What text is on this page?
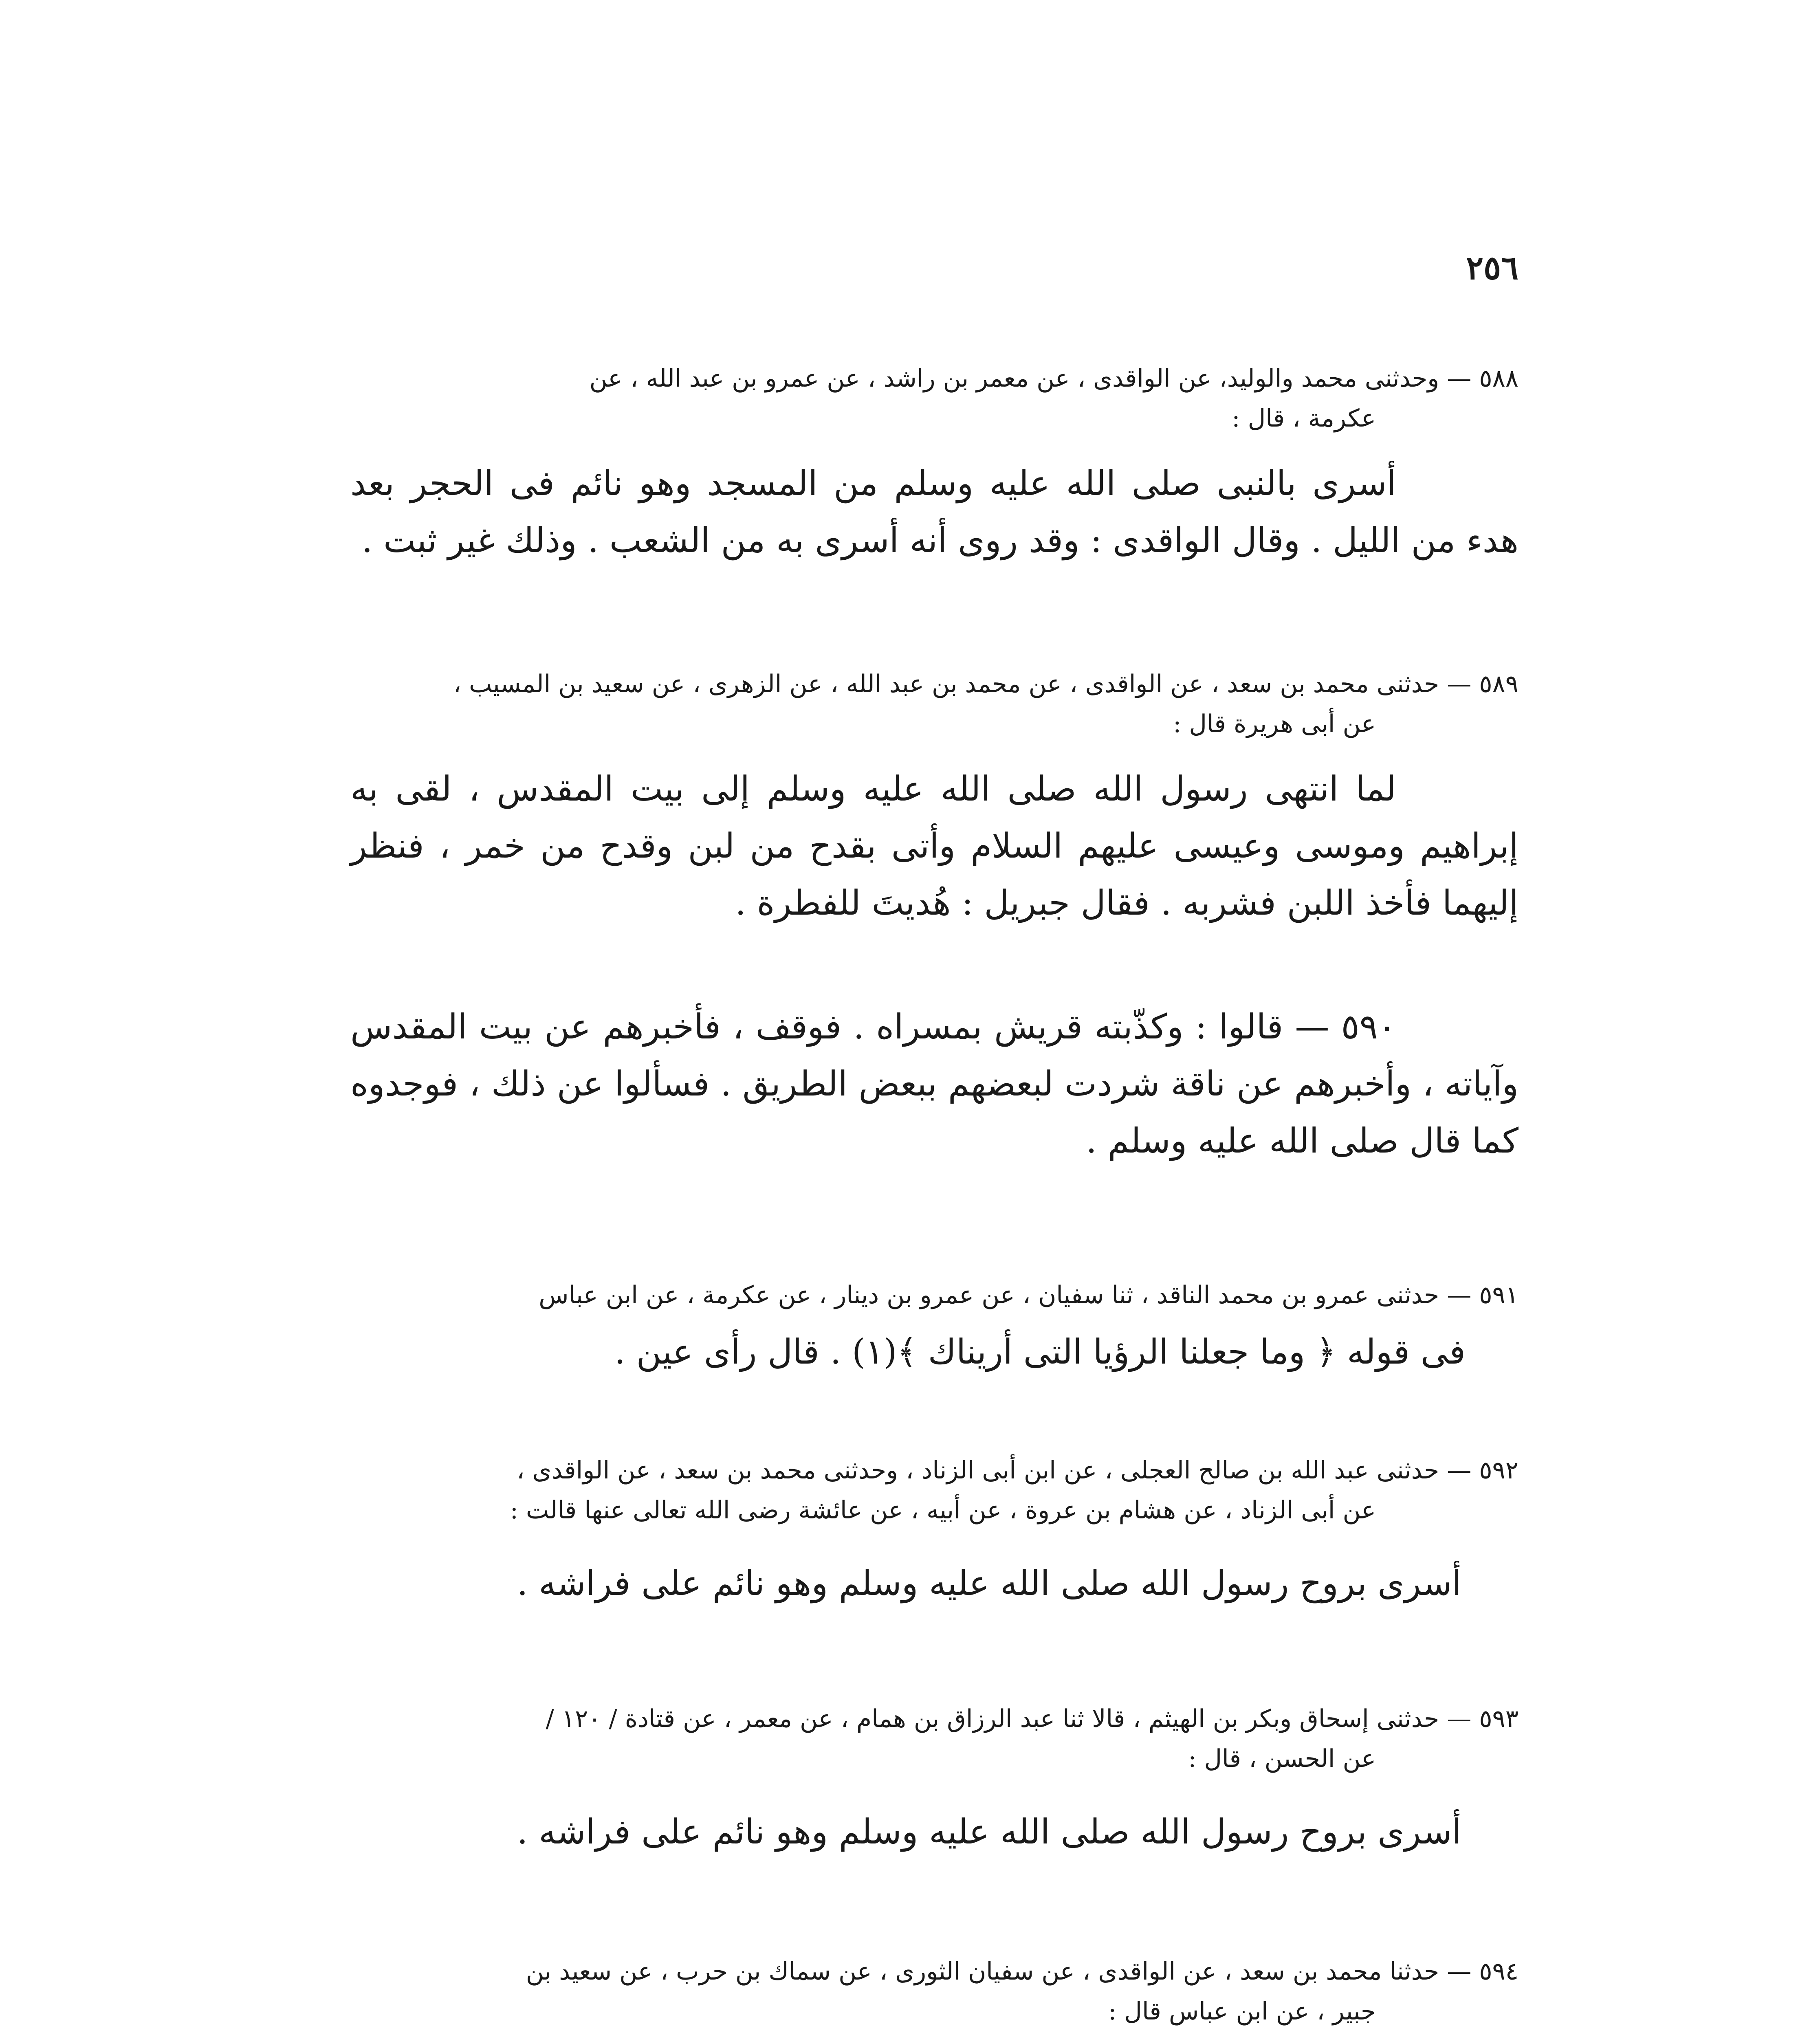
٢٥٦

٥٨٨ — وحدثنى محمد والوليد، عن الواقدى ، عن معمر بن راشد ، عن عمرو بن عبد الله ، عن
عكرمة ، قال :

أسرى بالنبى صلى الله عليه وسلم من المسجد وهو نائم فى الحجر بعد هدء من الليل . وقال الواقدى : وقد روى أنه أسرى به من الشعب . وذلك غير ثبت .

٥٨٩ — حدثنى محمد بن سعد ، عن الواقدى ، عن محمد بن عبد الله ، عن الزهرى ، عن سعيد بن المسيب ،
عن أبى هريرة قال :

لما انتهى رسول الله صلى الله عليه وسلم إلى بيت المقدس ، لقى به إبراهيم وموسى وعيسى عليهم السلام وأتى بقدح من لبن وقدح من خمر ، فنظر إليهما فأخذ اللبن فشربه . فقال جبريل : هُديتَ للفطرة .

٥٩٠ — قالوا : وكذّبته قريش بمسراه . فوقف ، فأخبرهم عن بيت المقدس وآياته ، وأخبرهم عن ناقة شردت لبعضهم ببعض الطريق . فسألوا عن ذلك ، فوجدوه كما قال صلى الله عليه وسلم .

٥٩١ — حدثنى عمرو بن محمد الناقد ، ثنا سفيان ، عن عمرو بن دينار ، عن عكرمة ، عن ابن عباس

فى قوله ﴿ وما جعلنا الرؤيا التى أريناك ﴾(١) . قال رأى عين .

٥٩٢ — حدثنى عبد الله بن صالح العجلى ، عن ابن أبى الزناد ، وحدثنى محمد بن سعد ، عن الواقدى ،
عن أبى الزناد ، عن هشام بن عروة ، عن أبيه ، عن عائشة رضى الله تعالى عنها قالت :

أسرى بروح رسول الله صلى الله عليه وسلم وهو نائم على فراشه .

٥٩٣ — حدثنى إسحاق وبكر بن الهيثم ، قالا ثنا عبد الرزاق بن همام ، عن معمر ، عن قتادة / ١٢٠ /
عن الحسن ، قال :

أسرى بروح رسول الله صلى الله عليه وسلم وهو نائم على فراشه .

٥٩٤ — حدثنا محمد بن سعد ، عن الواقدى ، عن سفيان الثورى ، عن سماك بن حرب ، عن سعيد بن
جبير ، عن ابن عباس قال :
